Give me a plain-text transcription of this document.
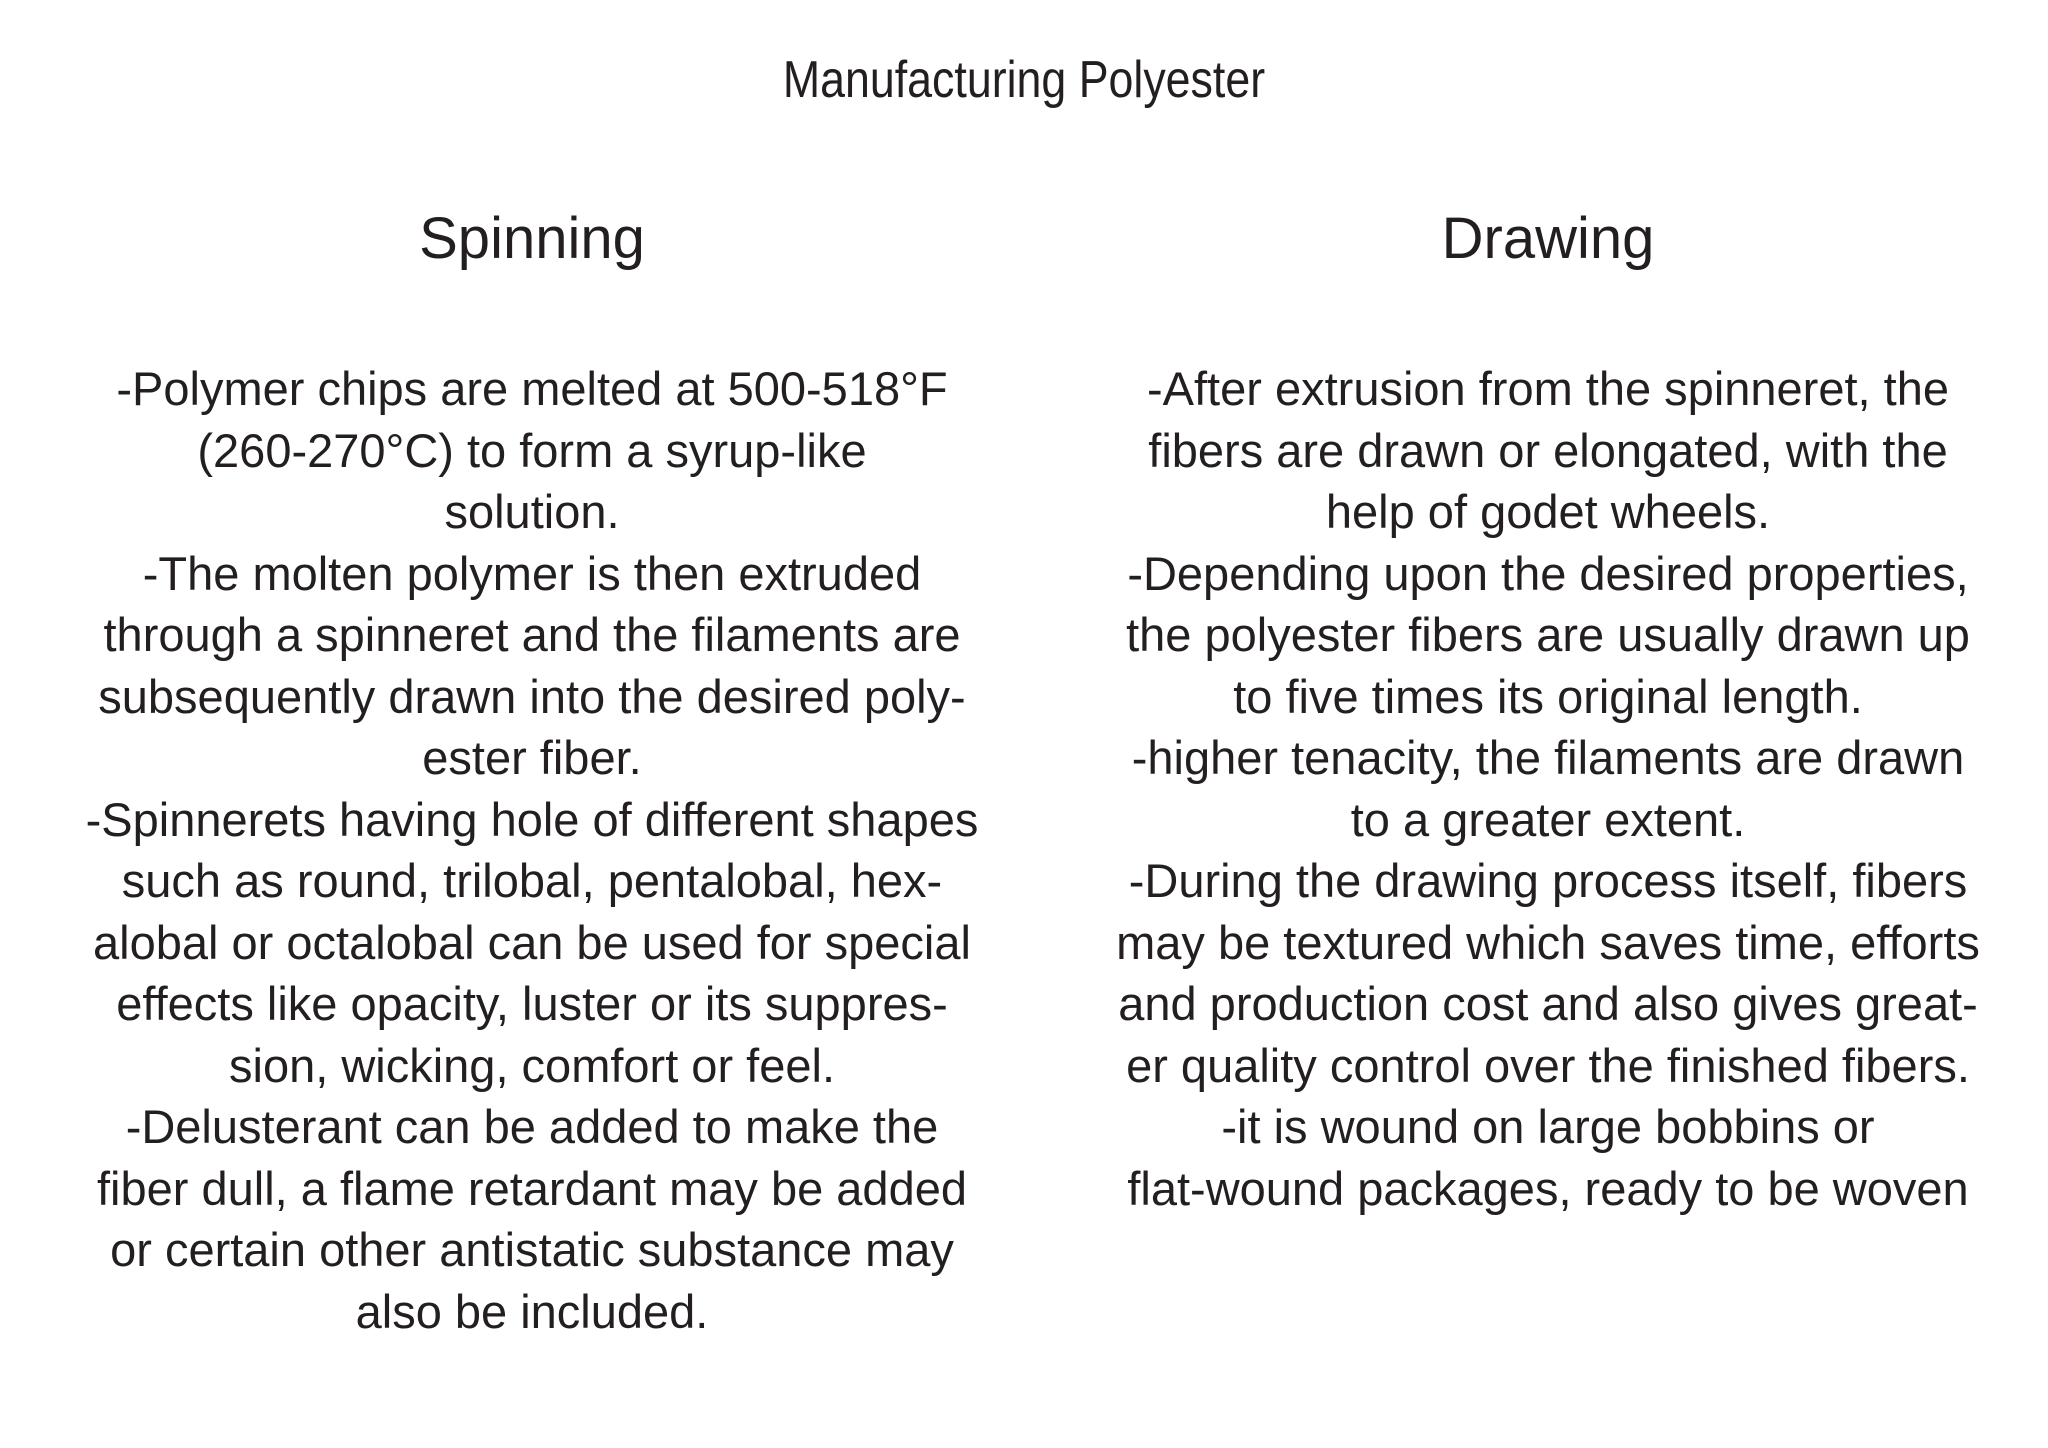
Manufacturing Polyester
Spinning
-Polymer chips are melted at 500-518°F
(260-270°C) to form a syrup-like
solution.
-The molten polymer is then extruded
through a spinneret and the filaments are
subsequently drawn into the desired poly-
ester fiber.
-Spinnerets having hole of different shapes
such as round, trilobal, pentalobal, hex-
alobal or octalobal can be used for special
effects like opacity, luster or its suppres-
sion, wicking, comfort or feel.
-Delusterant can be added to make the
fiber dull, a flame retardant may be added
or certain other antistatic substance may
also be included.
Drawing
-After extrusion from the spinneret, the
fibers are drawn or elongated, with the
help of godet wheels.
-Depending upon the desired properties,
the polyester fibers are usually drawn up
to five times its original length.
-higher tenacity, the filaments are drawn
to a greater extent.
-During the drawing process itself, fibers
may be textured which saves time, efforts
and production cost and also gives great-
er quality control over the finished fibers.
-it is wound on large bobbins or
flat-wound packages, ready to be woven
